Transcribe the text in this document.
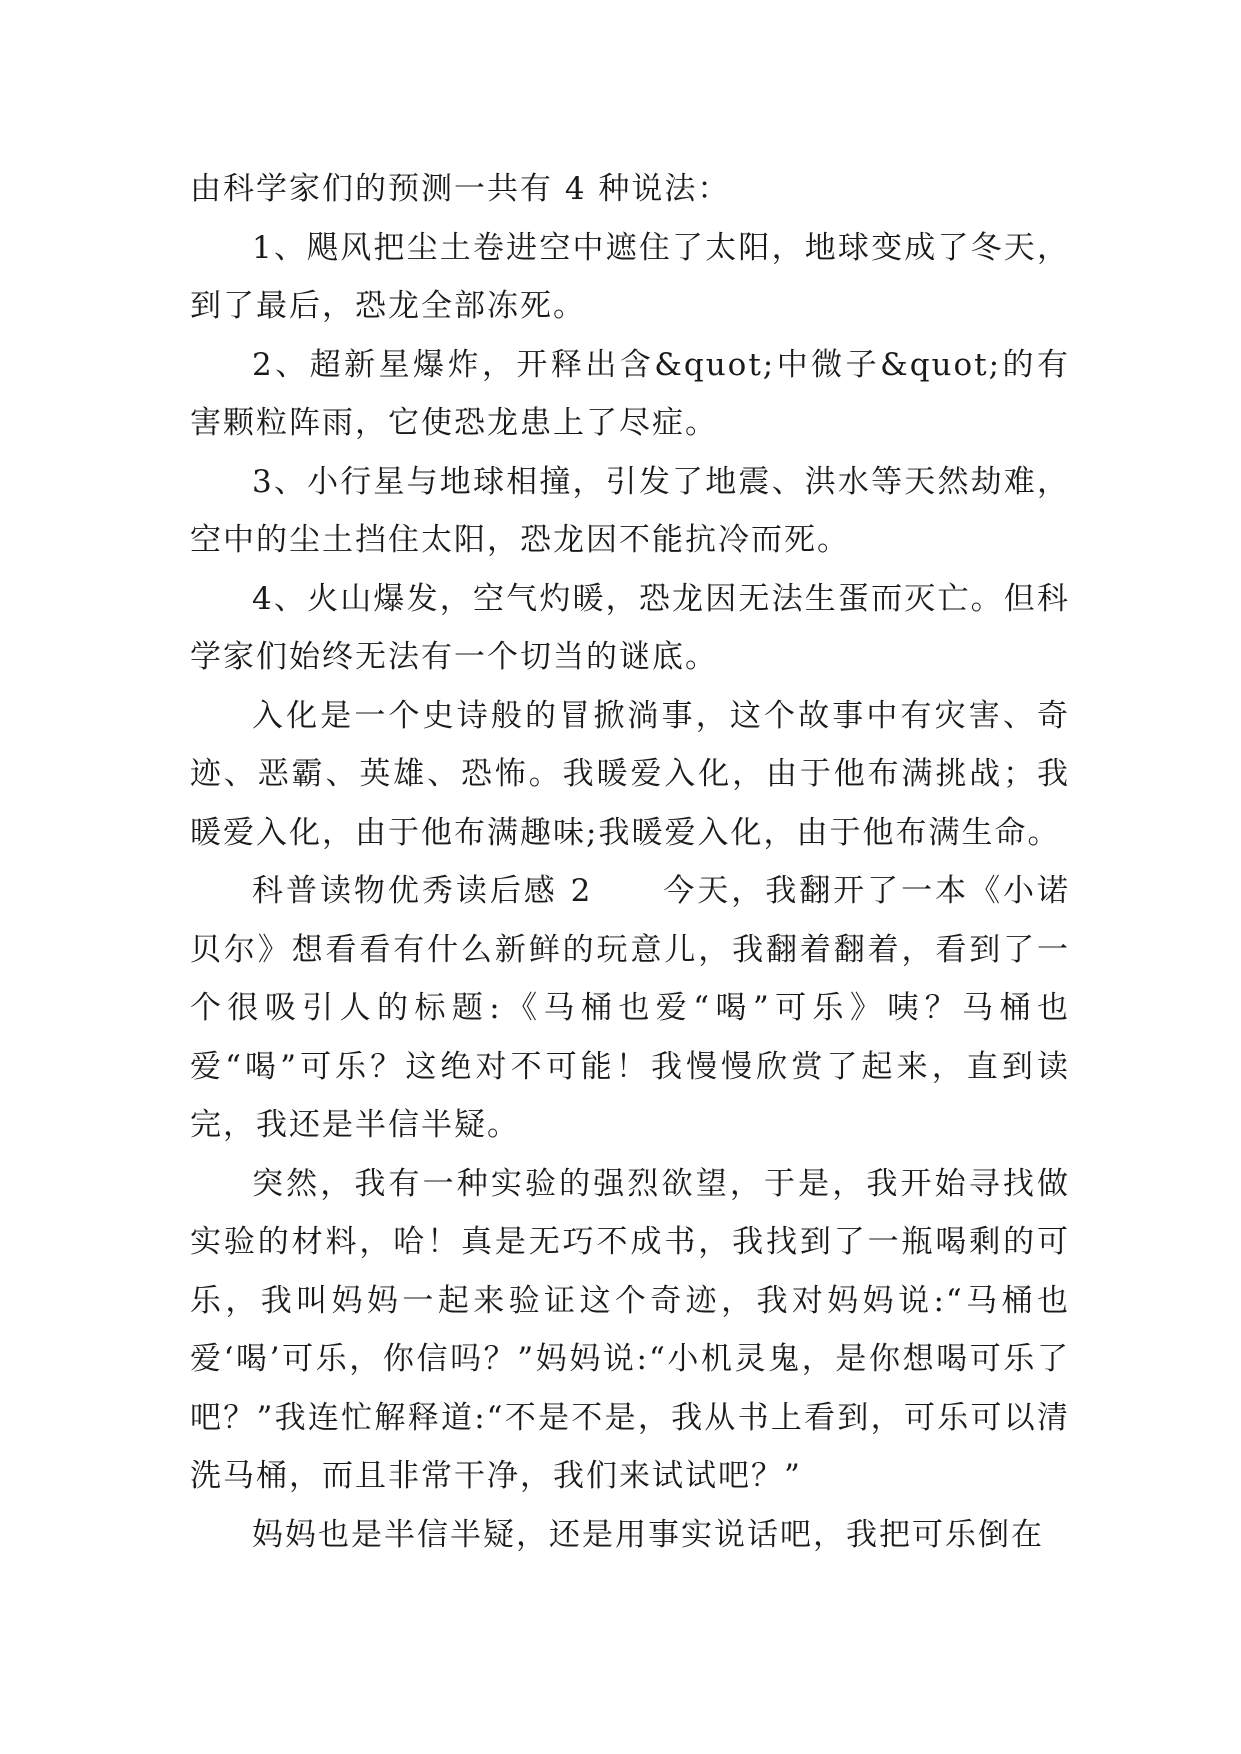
由科学家们的预测一共有 4 种说法：

1、飓风把尘土卷进空中遮住了太阳，地球变成了冬天，到了最后，恐龙全部冻死。

2、超新星爆炸，开释出含&quot;中微子&quot;的有害颗粒阵雨，它使恐龙患上了尽症。

3、小行星与地球相撞，引发了地震、洪水等天然劫难，空中的尘土挡住太阳，恐龙因不能抗冷而死。

4、火山爆发，空气灼暖，恐龙因无法生蛋而灭亡。但科学家们始终无法有一个切当的谜底。

入化是一个史诗般的冒掀淌事，这个故事中有灾害、奇迹、恶霸、英雄、恐怖。我暖爱入化，由于他布满挑战；我暖爱入化，由于他布满趣味;我暖爱入化，由于他布满生命。

科普读物优秀读后感 2 今天，我翻开了一本《小诺贝尔》想看看有什么新鲜的玩意儿，我翻着翻着，看到了一个很吸引人的标题:《马桶也爱“喝”可乐》咦？马桶也爱“喝”可乐？这绝对不可能！我慢慢欣赏了起来，直到读完，我还是半信半疑。

突然，我有一种实验的强烈欲望，于是，我开始寻找做实验的材料，哈！真是无巧不成书，我找到了一瓶喝剩的可乐，我叫妈妈一起来验证这个奇迹，我对妈妈说:“马桶也爱‘喝’可乐，你信吗？”妈妈说:“小机灵鬼，是你想喝可乐了吧？”我连忙解释道:“不是不是，我从书上看到，可乐可以清洗马桶，而且非常干净，我们来试试吧？”

妈妈也是半信半疑，还是用事实说话吧，我把可乐倒在
